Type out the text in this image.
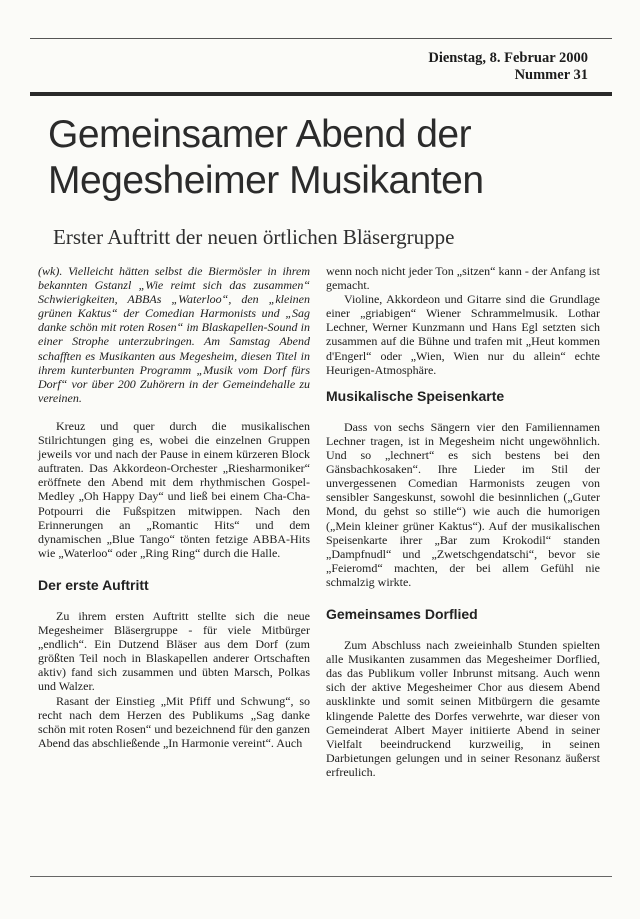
Dienstag, 8. Februar 2000
Nummer 31
Gemeinsamer Abend der
Megesheimer Musikanten
Erster Auftritt der neuen örtlichen Bläsergruppe

(wk). Vielleicht hätten selbst die Biermösler in ihrem bekannten Gstanzl „Wie reimt sich das zusammen“ Schwierigkeiten, ABBAs „Waterloo“, den „kleinen grünen Kaktus“ der Comedian Harmonists und „Sag danke schön mit roten Rosen“ im Blaskapellen-Sound in einer Strophe unterzubringen. Am Samstag Abend schafften es Musikanten aus Megesheim, diesen Titel in ihrem kunterbunten Programm „Musik vom Dorf fürs Dorf“ vor über 200 Zuhörern in der Gemeindehalle zu vereinen.

Kreuz und quer durch die musikalischen Stilrichtungen ging es, wobei die einzelnen Gruppen jeweils vor und nach der Pause in einem kürzeren Block auftraten. Das Akkordeon-Orchester „Riesharmoniker“ eröffnete den Abend mit dem rhythmischen Gospel-Medley „Oh Happy Day“ und ließ bei einem Cha-Cha-Potpourri die Fußspitzen mitwippen. Nach den Erinnerungen an „Romantic Hits“ und dem dynamischen „Blue Tango“ tönten fetzige ABBA-Hits wie „Waterloo“ oder „Ring Ring“ durch die Halle.

Der erste Auftritt

Zu ihrem ersten Auftritt stellte sich die neue Megesheimer Bläsergruppe - für viele Mitbürger „endlich“. Ein Dutzend Bläser aus dem Dorf (zum größten Teil noch in Blaskapellen anderer Ortschaften aktiv) fand sich zusammen und übten Marsch, Polkas und Walzer.

Rasant der Einstieg „Mit Pfiff und Schwung“, so recht nach dem Herzen des Publikums „Sag danke schön mit roten Rosen“ und bezeichnend für den ganzen Abend das abschließende „In Harmonie vereint“. Auch

wenn noch nicht jeder Ton „sitzen“ kann - der Anfang ist gemacht.

Violine, Akkordeon und Gitarre sind die Grundlage einer „griabigen“ Wiener Schrammelmusik. Lothar Lechner, Werner Kunzmann und Hans Egl setzten sich zusammen auf die Bühne und trafen mit „Heut kommen d'Engerl“ oder „Wien, Wien nur du allein“ echte Heurigen-Atmosphäre.

Musikalische Speisenkarte

Dass von sechs Sängern vier den Familiennamen Lechner tragen, ist in Megesheim nicht ungewöhnlich. Und so „lechnert“ es sich bestens bei den Gänsbachkosaken“. Ihre Lieder im Stil der unvergessenen Comedian Harmonists zeugen von sensibler Sangeskunst, sowohl die besinnlichen („Guter Mond, du gehst so stille“) wie auch die humorigen („Mein kleiner grüner Kaktus“). Auf der musikalischen Speisenkarte ihrer „Bar zum Krokodil“ standen „Dampfnudl“ und „Zwetschgendatschi“, bevor sie „Feieromd“ machten, der bei allem Gefühl nie schmalzig wirkte.

Gemeinsames Dorflied

Zum Abschluss nach zweieinhalb Stunden spielten alle Musikanten zusammen das Megesheimer Dorflied, das das Publikum voller Inbrunst mitsang. Auch wenn sich der aktive Megesheimer Chor aus diesem Abend ausklinkte und somit seinen Mitbürgern die gesamte klingende Palette des Dorfes verwehrte, war dieser von Gemeinderat Albert Mayer initiierte Abend in seiner Vielfalt beeindruckend kurzweilig, in seinen Darbietungen gelungen und in seiner Resonanz äußerst erfreulich.
